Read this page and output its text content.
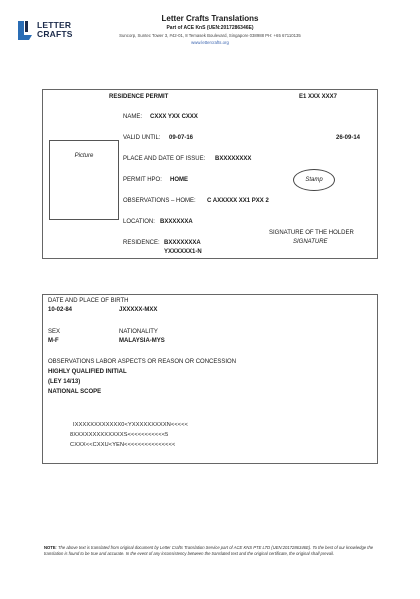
LETTER
CRAFTS
Letter Crafts Translations
Part of ACE KnS (UEN:2017286346E)
Suncorp, Suntec Tower 3, #42-01, 8 Temasek Boulevard, Singapore 038988 PH: +65 67110135
www.lettercrafts.org
RESIDENCE PERMIT	E1 XXX XXX7
Picture
NAME: CXXX YXX CXXX
VALID UNTIL: 09-07-16	26-09-14
PLACE AND DATE OF ISSUE: BXXXXXXXX
PERMIT HPO: HOME	Stamp
OBSERVATIONS – HOME: C AXXXXX XX1 PXX 2
LOCATION: BXXXXXXA
SIGNATURE OF THE HOLDER
SIGNATURE
RESIDENCE: BXXXXXXXA
YXXXXXX1-N
DATE AND PLACE OF BIRTH
10-02-84	JXXXXX-MXX
SEX	NATIONALITY
M-F	MALAYSIA-MYS
OBSERVATIONS LABOR ASPECTS OR REASON OR CONCESSION
HIGHLY QUALIFIED INITIAL
(LEY 14/13)
NATIONAL SCOPE
IXXXXXXXXXXXX0<YXXXXXXXXXN<<<<<
8XXXXXXXXXXXXXS<<<<<<<<<<<5
CXXX<<CXXU<YEN<<<<<<<<<<<<<<<
NOTE: The above text is translated from original document by Letter Crafts Translation Service part of ACE KNS PTE LTD (UEN:2017286346E). To the best of our knowledge the translation is found to be true and accurate. In the event of any inconsistency between the translated text and the original certificate, the original shall prevail.
